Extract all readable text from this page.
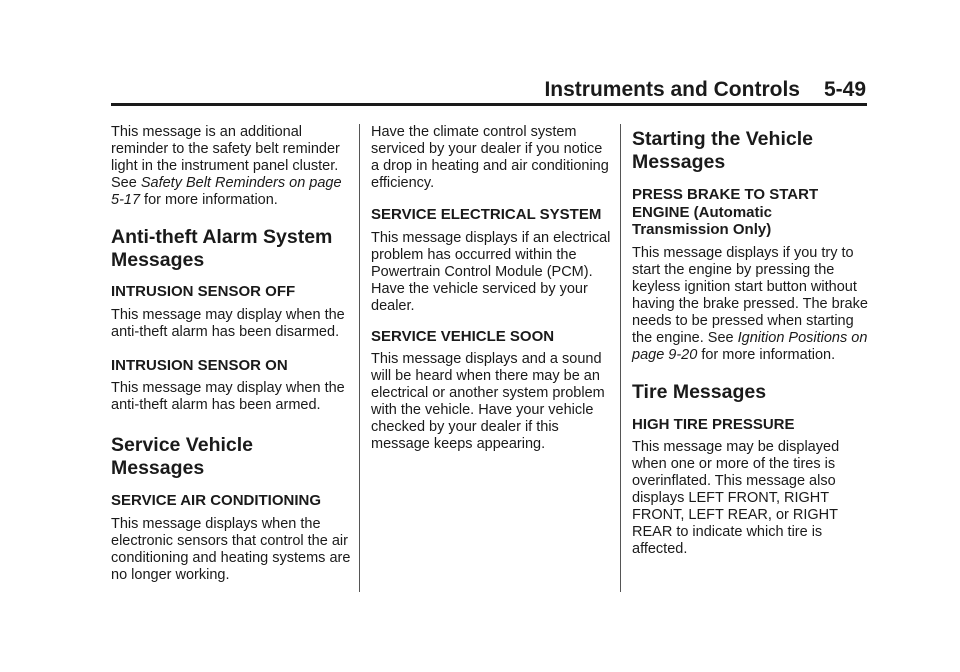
Instruments and Controls 5-49

This message is an additional reminder to the safety belt reminder light in the instrument panel cluster. See Safety Belt Reminders on page 5-17 for more information.

Anti-theft Alarm System Messages
INTRUSION SENSOR OFF

This message may display when the anti-theft alarm has been disarmed.

INTRUSION SENSOR ON

This message may display when the anti-theft alarm has been armed.

Service Vehicle Messages
SERVICE AIR CONDITIONING

This message displays when the electronic sensors that control the air conditioning and heating systems are no longer working.

Have the climate control system serviced by your dealer if you notice a drop in heating and air conditioning efficiency.

SERVICE ELECTRICAL SYSTEM

This message displays if an electrical problem has occurred within the Powertrain Control Module (PCM). Have the vehicle serviced by your dealer.

SERVICE VEHICLE SOON

This message displays and a sound will be heard when there may be an electrical or another system problem with the vehicle. Have your vehicle checked by your dealer if this message keeps appearing.

Starting the Vehicle Messages
PRESS BRAKE TO START ENGINE (Automatic Transmission Only)

This message displays if you try to start the engine by pressing the keyless ignition start button without having the brake pressed. The brake needs to be pressed when starting the engine. See Ignition Positions on page 9-20 for more information.

Tire Messages
HIGH TIRE PRESSURE

This message may be displayed when one or more of the tires is overinflated. This message also displays LEFT FRONT, RIGHT FRONT, LEFT REAR, or RIGHT REAR to indicate which tire is affected.
